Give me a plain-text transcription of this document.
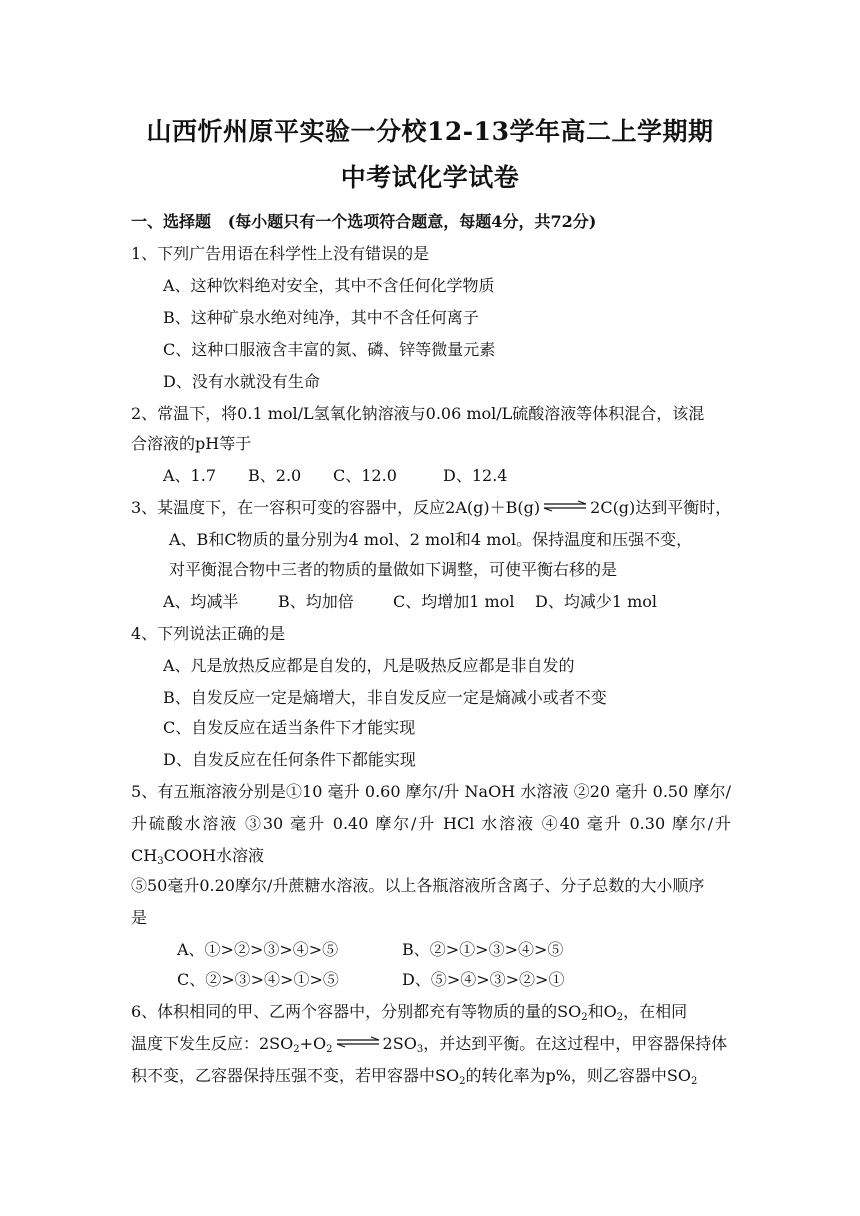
山西忻州原平实验一分校12-13学年高二上学期期
中考试化学试卷
一、选择题 (每小题只有一个选项符合题意，每题4分，共72分)
1、下列广告用语在科学性上没有错误的是
A、这种饮料绝对安全，其中不含任何化学物质
B、这种矿泉水绝对纯净，其中不含任何离子
C、这种口服液含丰富的氮、磷、锌等微量元素
D、没有水就没有生命
2、常温下，将0.1 mol/L氢氧化钠溶液与0.06 mol/L硫酸溶液等体积混合，该混
合溶液的pH等于
A、1.7 B、2.0 C、12.0	D、12.4
3、某温度下，在一容积可变的容器中，反应2A(g)＋B(g) ⇌ 2C(g)达到平衡时，
A、B和C物质的量分别为4 mol、2 mol和4 mol。保持温度和压强不变，
对平衡混合物中三者的物质的量做如下调整，可使平衡右移的是
A、均减半 B、均加倍 C、均增加1 mol D、均减少1 mol
4、下列说法正确的是
A、凡是放热反应都是自发的，凡是吸热反应都是非自发的
B、自发反应一定是熵增大，非自发反应一定是熵减小或者不变
C、自发反应在适当条件下才能实现
D、自发反应在任何条件下都能实现
5、有五瓶溶液分别是①10 毫升 0.60 摩尔/升 NaOH 水溶液 ②20 毫升 0.50 摩尔/
升硫酸水溶液 ③30 毫升 0.40 摩尔/升 HCl 水溶液 ④40 毫升 0.30 摩尔/升
$CH_3COOH$水溶液
⑤50毫升0.20摩尔/升蔗糖水溶液。以上各瓶溶液所含离子、分子总数的大小顺序
是
A、①>②>③>④>⑤	B、②>①>③>④>⑤
C、②>③>④>①>⑤	D、⑤>④>③>②>①
6、体积相同的甲、乙两个容器中，分别都充有等物质的量的$SO_2$和$O_2$，在相同
温度下发生反应：$2SO_2+O_2$ ⇌ $2SO_3$，并达到平衡。在这过程中，甲容器保持体
积不变，乙容器保持压强不变，若甲容器中$SO_2$的转化率为p%，则乙容器中$SO_2$
